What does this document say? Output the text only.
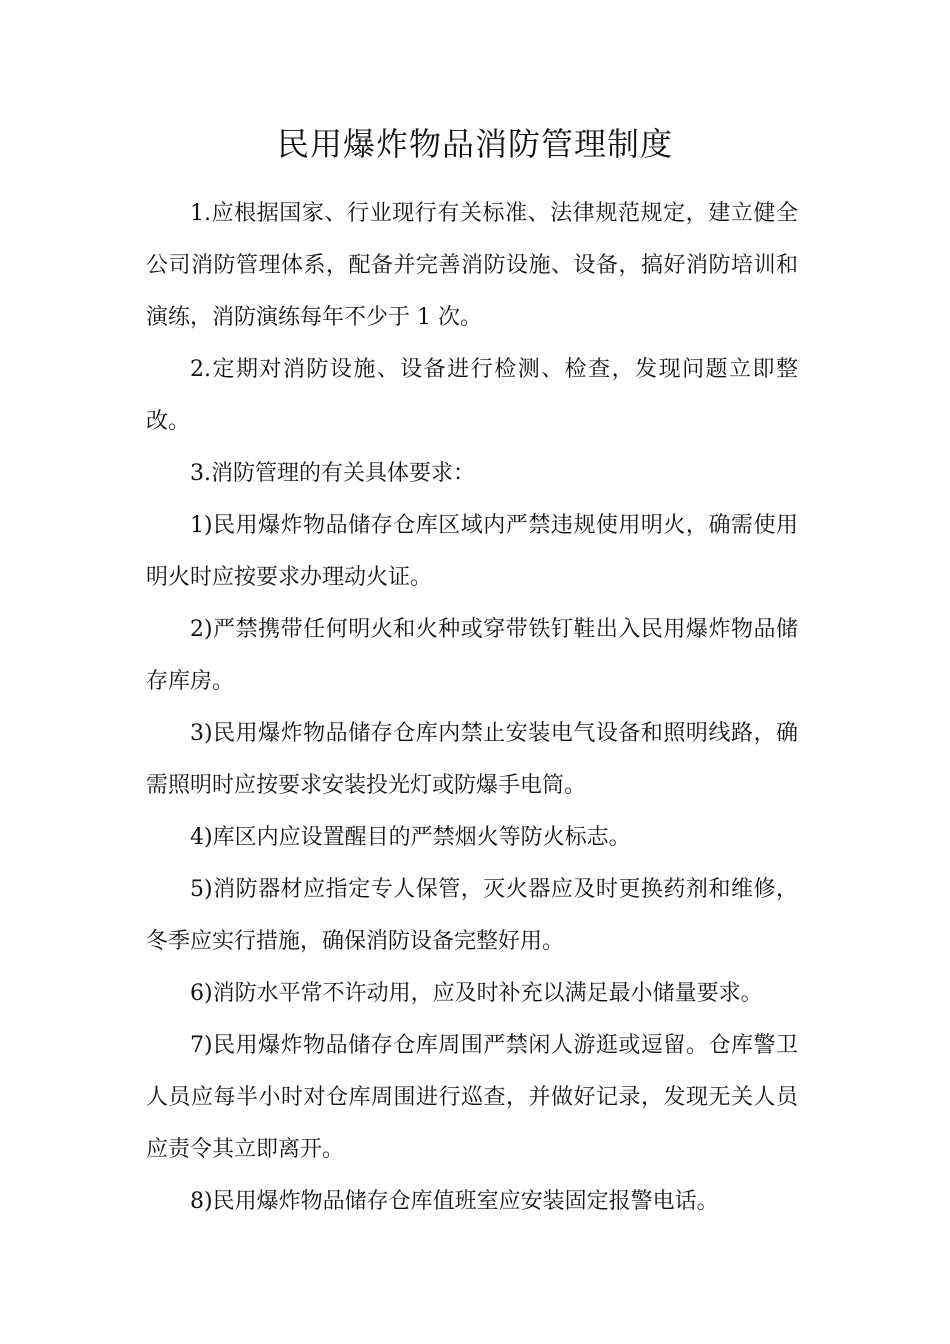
民用爆炸物品消防管理制度

1.应根据国家、行业现行有关标准、法律规范规定，建立健全公司消防管理体系，配备并完善消防设施、设备，搞好消防培训和演练，消防演练每年不少于 1 次。

2.定期对消防设施、设备进行检测、检查，发现问题立即整改。

3.消防管理的有关具体要求：

1)民用爆炸物品储存仓库区域内严禁违规使用明火，确需使用明火时应按要求办理动火证。

2)严禁携带任何明火和火种或穿带铁钉鞋出入民用爆炸物品储存库房。

3)民用爆炸物品储存仓库内禁止安装电气设备和照明线路，确需照明时应按要求安装投光灯或防爆手电筒。

4)库区内应设置醒目的严禁烟火等防火标志。

5)消防器材应指定专人保管，灭火器应及时更换药剂和维修，冬季应实行措施，确保消防设备完整好用。

6)消防水平常不许动用，应及时补充以满足最小储量要求。

7)民用爆炸物品储存仓库周围严禁闲人游逛或逗留。仓库警卫人员应每半小时对仓库周围进行巡查，并做好记录，发现无关人员应责令其立即离开。

8)民用爆炸物品储存仓库值班室应安装固定报警电话。
